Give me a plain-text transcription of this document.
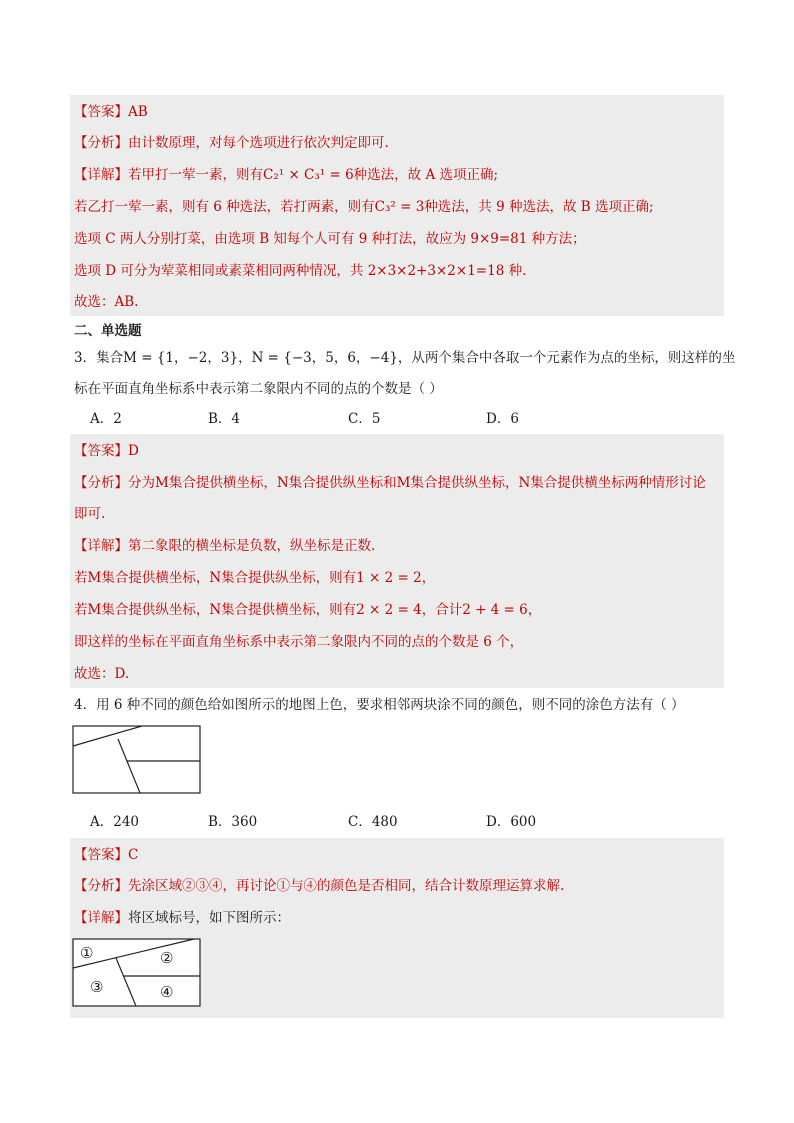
【答案】AB
【分析】由计数原理，对每个选项进行依次判定即可.
【详解】若甲打一荤一素，则有C₂¹ × C₃¹ = 6种选法，故 A 选项正确;
若乙打一荤一素，则有 6 种选法，若打两素，则有C₃² = 3种选法，共 9 种选法，故 B 选项正确;
选项 C 两人分别打菜，由选项 B 知每个人可有 9 种打法，故应为 9×9=81 种方法；
选项 D 可分为荤菜相同或素菜相同两种情况，共 2×3×2+3×2×1=18 种.
故选：AB.
二、单选题
3．集合M = {1，−2，3}，N = {−3，5，6，−4}，从两个集合中各取一个元素作为点的坐标，则这样的坐
标在平面直角坐标系中表示第二象限内不同的点的个数是（ ）
A．2	B．4	C．5	D．6
【答案】D
【分析】分为M集合提供横坐标，N集合提供纵坐标和M集合提供纵坐标，N集合提供横坐标两种情形讨论
即可.
【详解】第二象限的横坐标是负数，纵坐标是正数.
若M集合提供横坐标，N集合提供纵坐标，则有1 × 2 = 2，
若M集合提供纵坐标，N集合提供横坐标，则有2 × 2 = 4，合计2 + 4 = 6，
即这样的坐标在平面直角坐标系中表示第二象限内不同的点的个数是 6 个，
故选：D.
4．用 6 种不同的颜色给如图所示的地图上色，要求相邻两块涂不同的颜色，则不同的涂色方法有（ ）
A．240	B．360	C．480	D．600
【答案】C
【分析】先涂区域②③④，再讨论①与④的颜色是否相同，结合计数原理运算求解.
【详解】将区域标号，如下图所示：
①	②
③	④
